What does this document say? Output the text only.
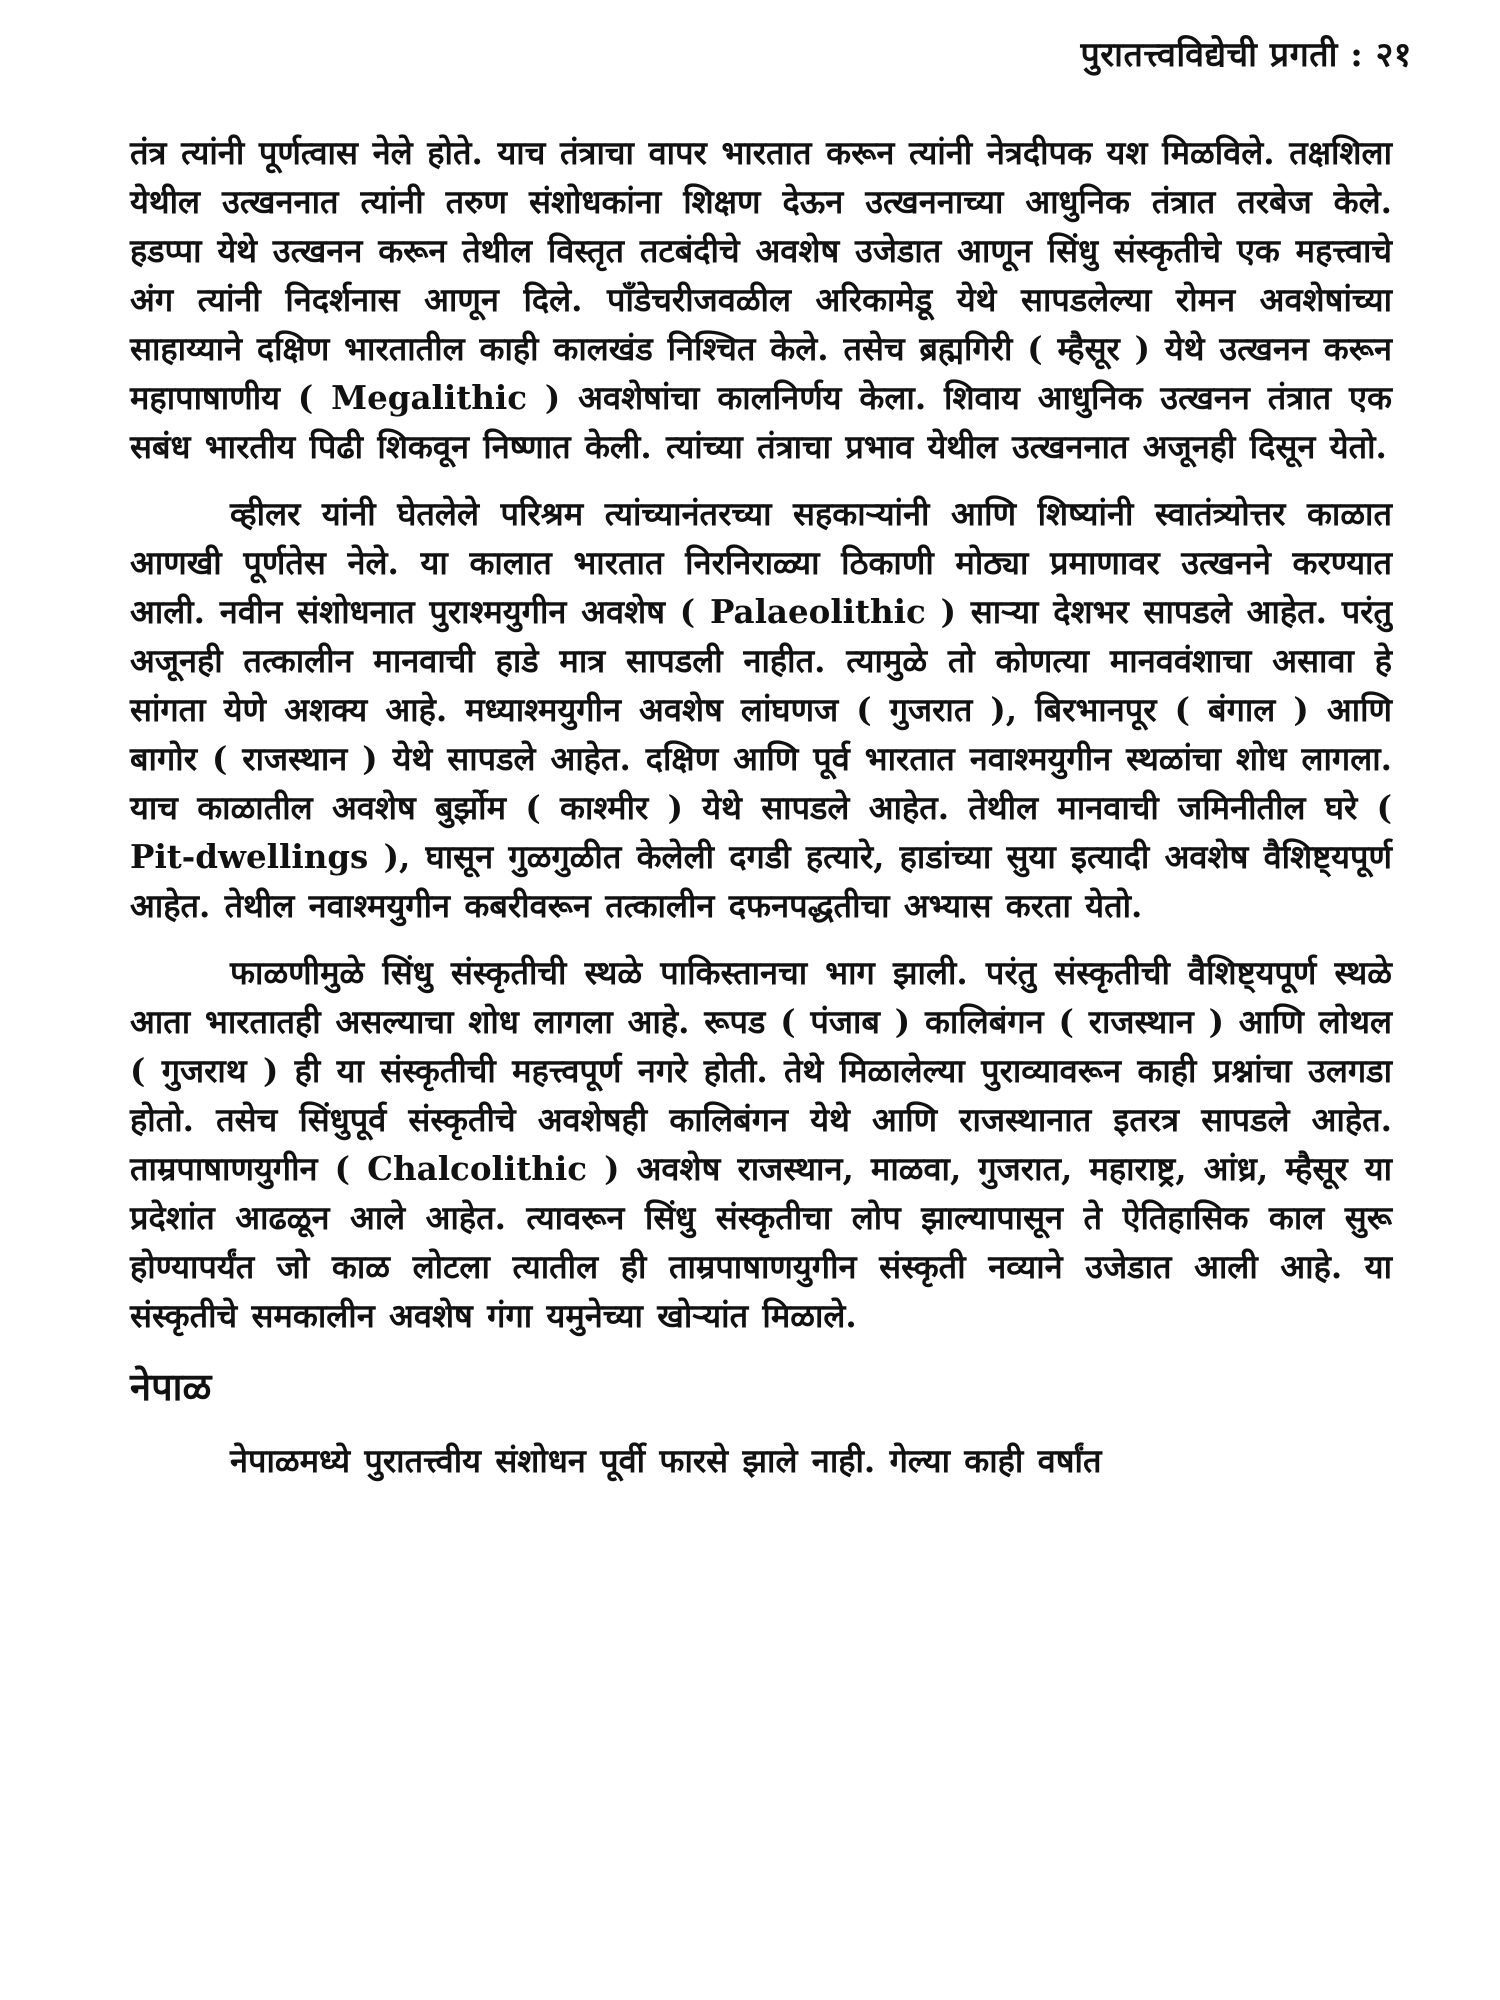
पुरातत्त्वविद्येची प्रगती : २१

तंत्र त्यांनी पूर्णत्वास नेले होते. याच तंत्राचा वापर भारतात करून त्यांनी नेत्रदीपक यश मिळविले. तक्षशिला येथील उत्खननात त्यांनी तरुण संशोधकांना शिक्षण देऊन उत्खननाच्या आधुनिक तंत्रात तरबेज केले. हडप्पा येथे उत्खनन करून तेथील विस्तृत तटबंदीचे अवशेष उजेडात आणून सिंधु संस्कृतीचे एक महत्त्वाचे अंग त्यांनी निदर्शनास आणून दिले. पॉंडेचरीजवळील अरिकामेडू येथे सापडलेल्या रोमन अवशेषांच्या साहाय्याने दक्षिण भारतातील काही कालखंड निश्चित केले. तसेच ब्रह्मगिरी ( म्हैसूर ) येथे उत्खनन करून महापाषाणीय ( Megalithic ) अवशेषांचा कालनिर्णय केला. शिवाय आधुनिक उत्खनन तंत्रात एक सबंध भारतीय पिढी शिकवून निष्णात केली. त्यांच्या तंत्राचा प्रभाव येथील उत्खननात अजूनही दिसून येतो.

व्हीलर यांनी घेतलेले परिश्रम त्यांच्यानंतरच्या सहकाऱ्यांनी आणि शिष्यांनी स्वातंत्र्योत्तर काळात आणखी पूर्णतेस नेले. या कालात भारतात निरनिराळ्या ठिकाणी मोठ्या प्रमाणावर उत्खनने करण्यात आली. नवीन संशोधनात पुराश्मयुगीन अवशेष ( Palaeolithic ) साऱ्या देशभर सापडले आहेत. परंतु अजूनही तत्कालीन मानवाची हाडे मात्र सापडली नाहीत. त्यामुळे तो कोणत्या मानववंशाचा असावा हे सांगता येणे अशक्य आहे. मध्याश्मयुगीन अवशेष लांघणज ( गुजरात ), बिरभानपूर ( बंगाल ) आणि बागोर ( राजस्थान ) येथे सापडले आहेत. दक्षिण आणि पूर्व भारतात नवाश्मयुगीन स्थळांचा शोध लागला. याच काळातील अवशेष बुर्झोम ( काश्मीर ) येथे सापडले आहेत. तेथील मानवाची जमिनीतील घरे ( Pit-dwellings ), घासून गुळगुळीत केलेली दगडी हत्यारे, हाडांच्या सुया इत्यादी अवशेष वैशिष्ट्यपूर्ण आहेत. तेथील नवाश्मयुगीन कबरीवरून तत्कालीन दफनपद्धतीचा अभ्यास करता येतो.

फाळणीमुळे सिंधु संस्कृतीची स्थळे पाकिस्तानचा भाग झाली. परंतु संस्कृतीची वैशिष्ट्यपूर्ण स्थळे आता भारतातही असल्याचा शोध लागला आहे. रूपड ( पंजाब ) कालिबंगन ( राजस्थान ) आणि लोथल ( गुजराथ ) ही या संस्कृतीची महत्त्वपूर्ण नगरे होती. तेथे मिळालेल्या पुराव्यावरून काही प्रश्नांचा उलगडा होतो. तसेच सिंधुपूर्व संस्कृतीचे अवशेषही कालिबंगन येथे आणि राजस्थानात इतरत्र सापडले आहेत. ताम्रपाषाणयुगीन ( Chalcolithic ) अवशेष राजस्थान, माळवा, गुजरात, महाराष्ट्र, आंध्र, म्हैसूर या प्रदेशांत आढळून आले आहेत. त्यावरून सिंधु संस्कृतीचा लोप झाल्यापासून ते ऐतिहासिक काल सुरू होण्यापर्यंत जो काळ लोटला त्यातील ही ताम्रपाषाणयुगीन संस्कृती नव्याने उजेडात आली आहे. या संस्कृतीचे समकालीन अवशेष गंगा यमुनेच्या खोऱ्यांत मिळाले.

नेपाळ

नेपाळमध्ये पुरातत्त्वीय संशोधन पूर्वी फारसे झाले नाही. गेल्या काही वर्षांत
